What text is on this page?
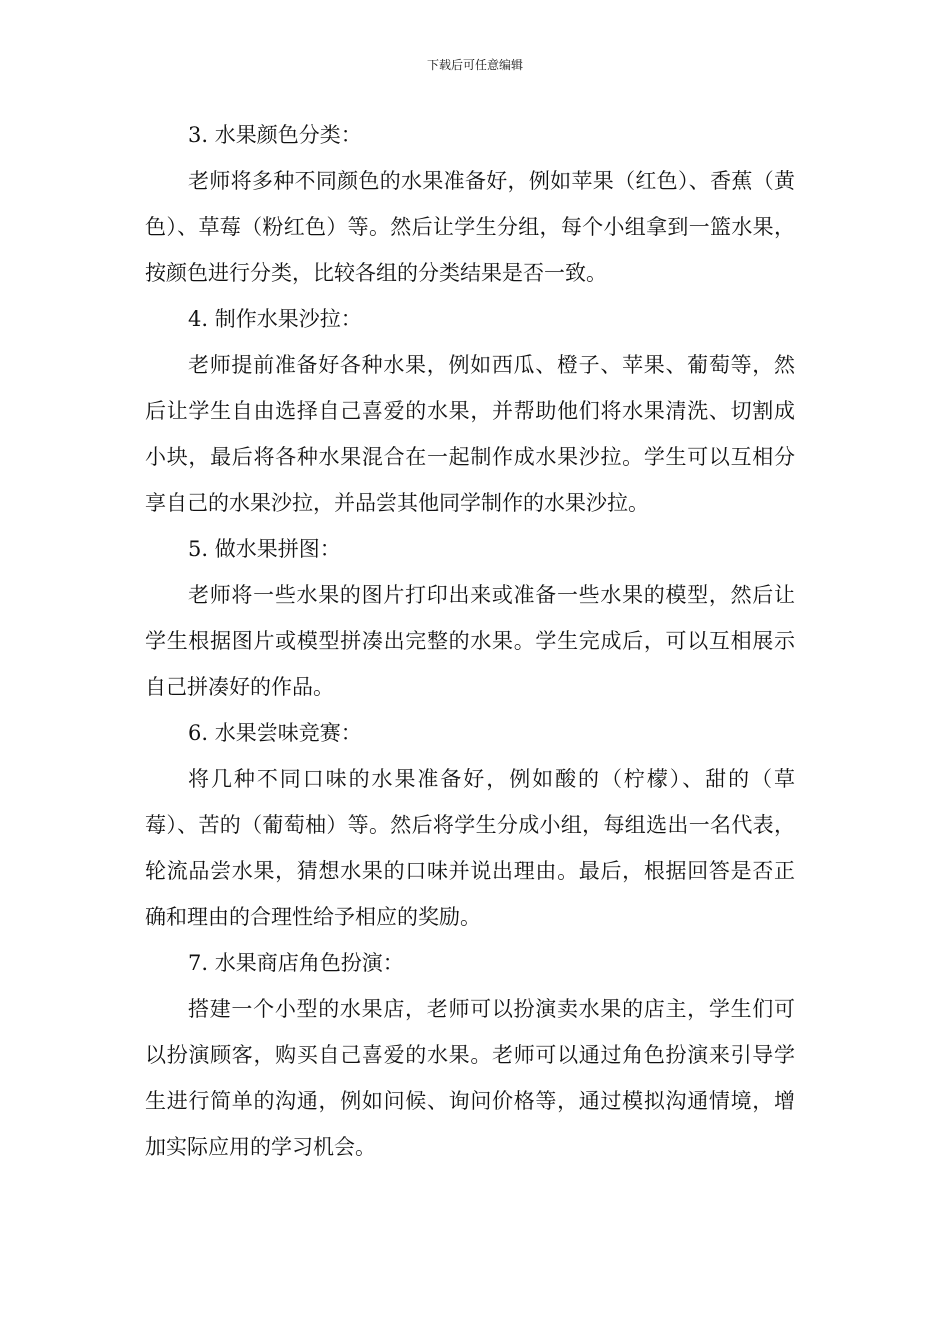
下载后可任意编辑

3. 水果颜色分类：

老师将多种不同颜色的水果准备好，例如苹果（红色）、香蕉（黄色）、草莓（粉红色）等。然后让学生分组，每个小组拿到一篮水果，按颜色进行分类，比较各组的分类结果是否一致。

4. 制作水果沙拉：

老师提前准备好各种水果，例如西瓜、橙子、苹果、葡萄等，然后让学生自由选择自己喜爱的水果，并帮助他们将水果清洗、切割成小块，最后将各种水果混合在一起制作成水果沙拉。学生可以互相分享自己的水果沙拉，并品尝其他同学制作的水果沙拉。

5. 做水果拼图：

老师将一些水果的图片打印出来或准备一些水果的模型，然后让学生根据图片或模型拼凑出完整的水果。学生完成后，可以互相展示自己拼凑好的作品。

6. 水果尝味竞赛：

将几种不同口味的水果准备好，例如酸的（柠檬）、甜的（草莓）、苦的（葡萄柚）等。然后将学生分成小组，每组选出一名代表，轮流品尝水果，猜想水果的口味并说出理由。最后，根据回答是否正确和理由的合理性给予相应的奖励。

7. 水果商店角色扮演：

搭建一个小型的水果店，老师可以扮演卖水果的店主，学生们可以扮演顾客，购买自己喜爱的水果。老师可以通过角色扮演来引导学生进行简单的沟通，例如问候、询问价格等，通过模拟沟通情境，增加实际应用的学习机会。
